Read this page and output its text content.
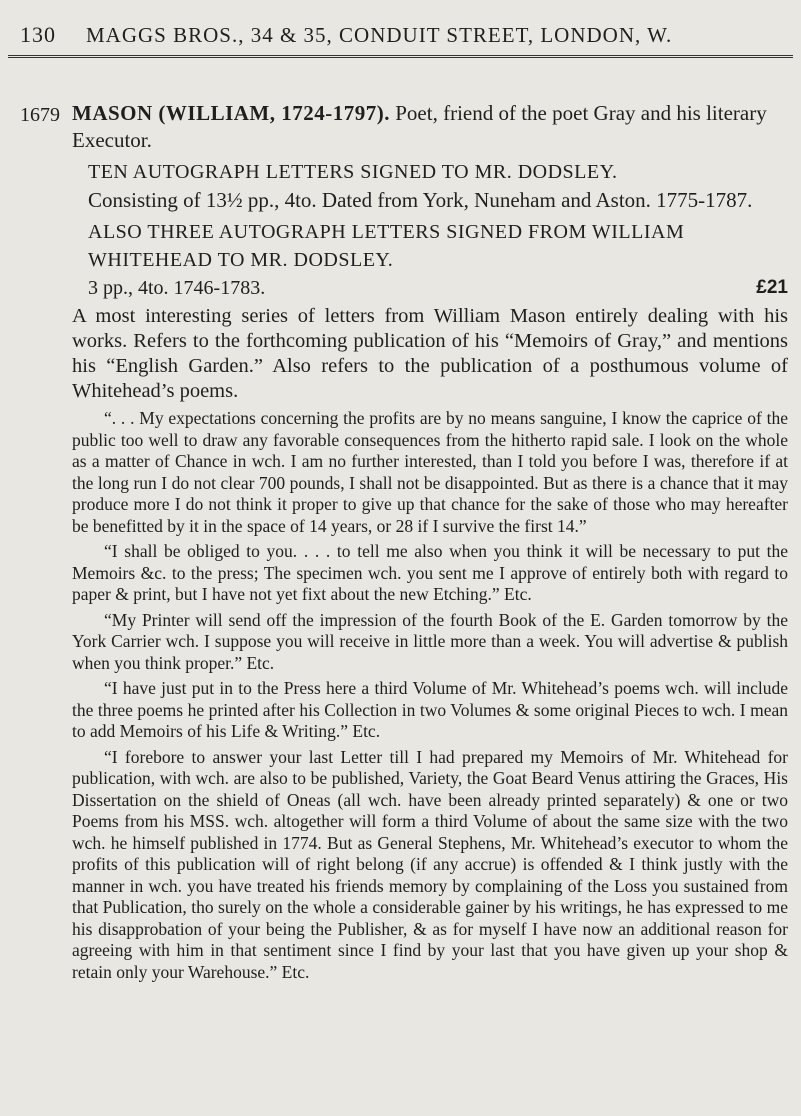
130 MAGGS BROS., 34 & 35, CONDUIT STREET, LONDON, W.
1679 MASON (WILLIAM, 1724-1797). Poet, friend of the poet Gray and his literary Executor.

TEN AUTOGRAPH LETTERS SIGNED TO MR. DODSLEY.

Consisting of 13½ pp., 4to. Dated from York, Nuneham and Aston. 1775-1787.

ALSO THREE AUTOGRAPH LETTERS SIGNED FROM WILLIAM WHITEHEAD TO MR. DODSLEY.

3 pp., 4to. 1746-1783.	£21

A most interesting series of letters from William Mason entirely dealing with his works. Refers to the forthcoming publication of his “Memoirs of Gray,” and mentions his “English Garden.” Also refers to the publication of a posthumous volume of Whitehead’s poems.

“. . . My expectations concerning the profits are by no means sanguine, I know the caprice of the public too well to draw any favorable consequences from the hitherto rapid sale. I look on the whole as a matter of Chance in wch. I am no further interested, than I told you before I was, therefore if at the long run I do not clear 700 pounds, I shall not be disappointed. But as there is a chance that it may produce more I do not think it proper to give up that chance for the sake of those who may hereafter be benefitted by it in the space of 14 years, or 28 if I survive the first 14.”

“I shall be obliged to you. . . . to tell me also when you think it will be necessary to put the Memoirs &c. to the press; The specimen wch. you sent me I approve of entirely both with regard to paper & print, but I have not yet fixt about the new Etching.” Etc.

“My Printer will send off the impression of the fourth Book of the E. Garden tomorrow by the York Carrier wch. I suppose you will receive in little more than a week. You will advertise & publish when you think proper.” Etc.

“I have just put in to the Press here a third Volume of Mr. Whitehead’s poems wch. will include the three poems he printed after his Collection in two Volumes & some original Pieces to wch. I mean to add Memoirs of his Life & Writing.” Etc.

“I forebore to answer your last Letter till I had prepared my Memoirs of Mr. Whitehead for publication, with wch. are also to be published, Variety, the Goat Beard Venus attiring the Graces, His Dissertation on the shield of Oneas (all wch. have been already printed separately) & one or two Poems from his MSS. wch. altogether will form a third Volume of about the same size with the two wch. he himself published in 1774. But as General Stephens, Mr. Whitehead’s executor to whom the profits of this publication will of right belong (if any accrue) is offended & I think justly with the manner in wch. you have treated his friends memory by complaining of the Loss you sustained from that Publication, tho surely on the whole a considerable gainer by his writings, he has expressed to me his disapprobation of your being the Publisher, & as for myself I have now an additional reason for agreeing with him in that sentiment since I find by your last that you have given up your shop & retain only your Warehouse.” Etc.
